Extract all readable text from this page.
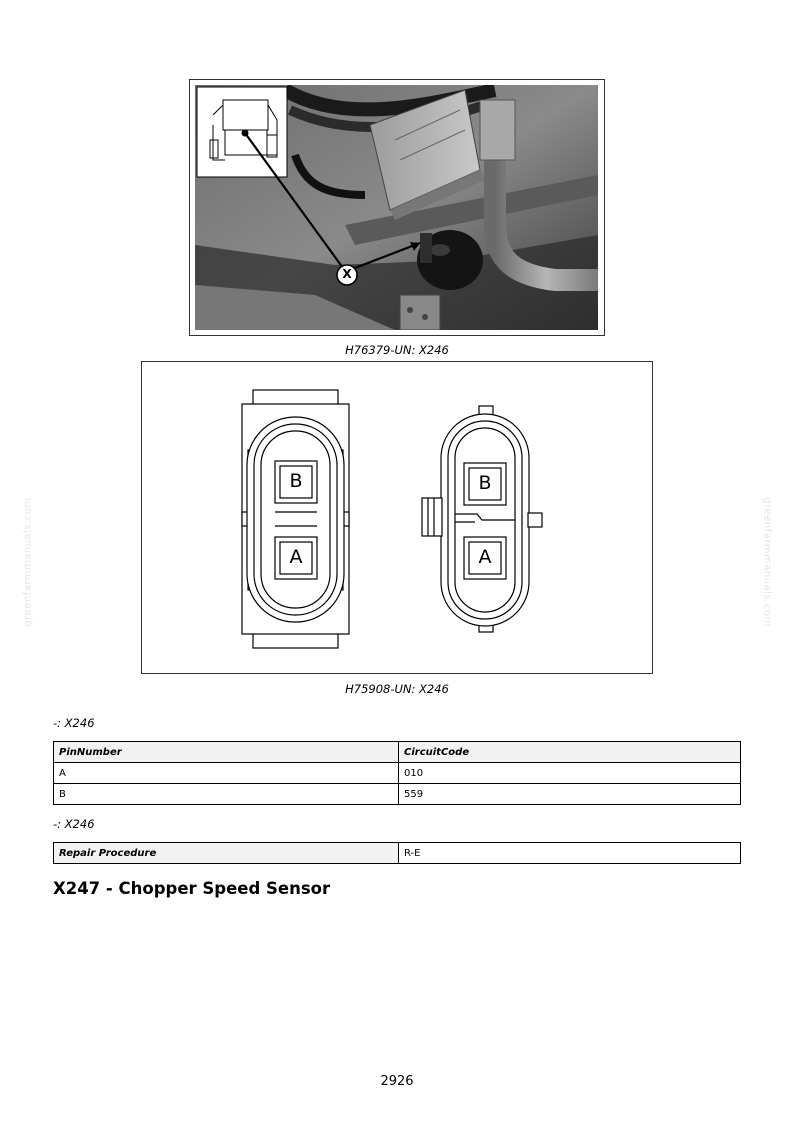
greenfarmmanuals.com	greenfarmmanuals.com
X
H76379-UN: X246
B
A
B
A
H75908-UN: X246
-: X246
PinNumber	CircuitCode
A	010
B	559
-: X246
Repair Procedure	R-E
X247 - Chopper Speed Sensor
2926
